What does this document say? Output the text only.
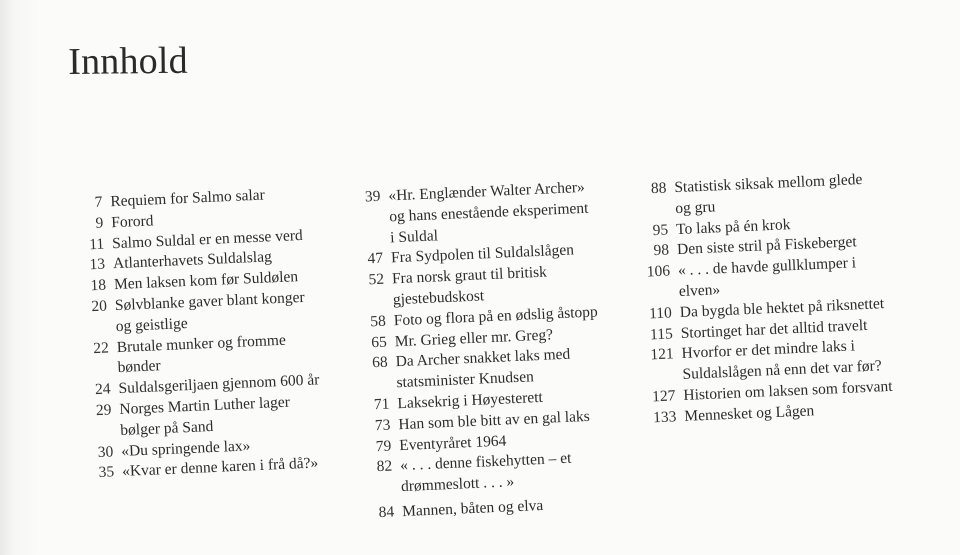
Innhold
7 Requiem for Salmo salar
9 Forord
11 Salmo Suldal er en messe verd
13 Atlanterhavets Suldalslag
18 Men laksen kom før Suldølen
20 Sølvblanke gaver blant konger
og geistlige
22 Brutale munker og fromme
bønder
24 Suldalsgeriljaen gjennom 600 år
29 Norges Martin Luther lager
bølger på Sand
30 «Du springende lax»
35 «Kvar er denne karen i frå då?»
39 «Hr. Englænder Walter Archer»
og hans enestående eksperiment
i Suldal
47 Fra Sydpolen til Suldalslågen
52 Fra norsk graut til britisk
gjestebudskost
58 Foto og flora på en ødslig åstopp
65 Mr. Grieg eller mr. Greg?
68 Da Archer snakket laks med
statsminister Knudsen
71 Laksekrig i Høyesterett
73 Han som ble bitt av en gal laks
79 Eventyråret 1964
82 « . . . denne fiskehytten – et
drømmeslott . . . »
84 Mannen, båten og elva
88 Statistisk siksak mellom glede
og gru
95 To laks på én krok
98 Den siste stril på Fiskeberget
106 « . . . de havde gullklumper i
elven»
110 Da bygda ble hektet på riksnettet
115 Stortinget har det alltid travelt
121 Hvorfor er det mindre laks i
Suldalslågen nå enn det var før?
127 Historien om laksen som forsvant
133 Mennesket og Lågen
